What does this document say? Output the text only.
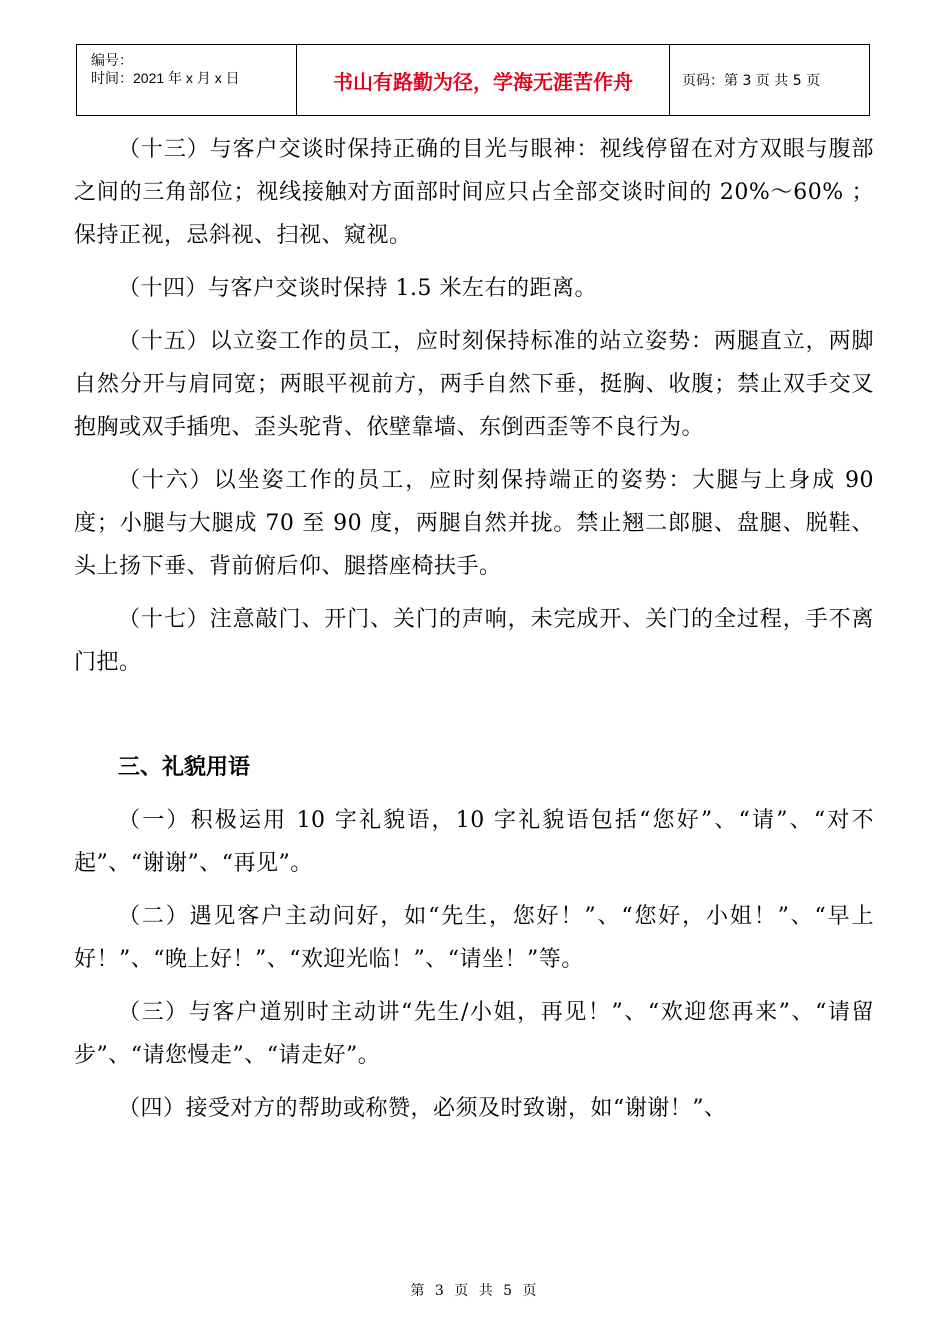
编号：
时间：2021 年 x 月 x 日	书山有路勤为径，学海无涯苦作舟	页码：第 3 页 共 5 页

（十三）与客户交谈时保持正确的目光与眼神：视线停留在对方双眼与腹部之间的三角部位；视线接触对方面部时间应只占全部交谈时间的 20%～60% ；保持正视，忌斜视、扫视、窥视。

（十四）与客户交谈时保持 1.5 米左右的距离。

（十五）以立姿工作的员工，应时刻保持标准的站立姿势：两腿直立，两脚自然分开与肩同宽；两眼平视前方，两手自然下垂，挺胸、收腹；禁止双手交叉抱胸或双手插兜、歪头驼背、依壁靠墙、东倒西歪等不良行为。

（十六）以坐姿工作的员工，应时刻保持端正的姿势：大腿与上身成 90 度；小腿与大腿成 70 至 90 度，两腿自然并拢。禁止翘二郎腿、盘腿、脱鞋、头上扬下垂、背前俯后仰、腿搭座椅扶手。

（十七）注意敲门、开门、关门的声响，未完成开、关门的全过程，手不离门把。

三、礼貌用语

（一）积极运用 10 字礼貌语，10 字礼貌语包括“您好”、“请”、“对不起”、“谢谢”、“再见”。

（二）遇见客户主动问好，如“先生，您好！”、“您好，小姐！”、“早上好！”、“晚上好！”、“欢迎光临！”、“请坐！”等。

（三）与客户道别时主动讲“先生/小姐，再见！”、“欢迎您再来”、“请留步”、“请您慢走”、“请走好”。

（四）接受对方的帮助或称赞，必须及时致谢，如“谢谢！”、

第 3 页 共 5 页
